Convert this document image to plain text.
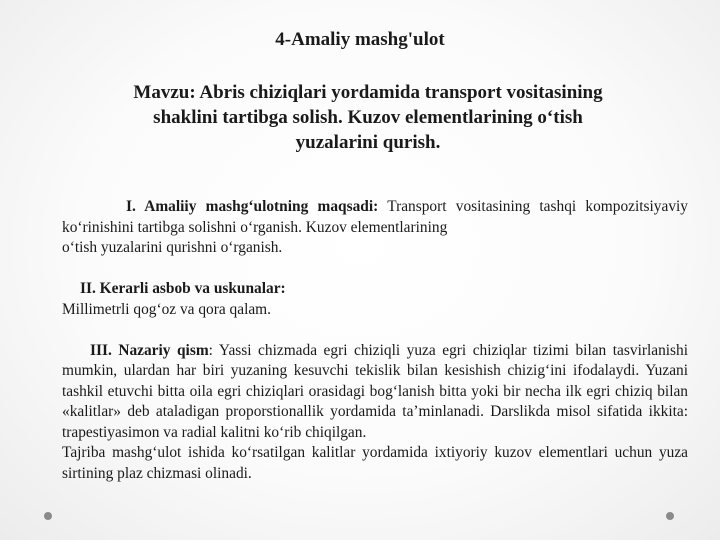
4-Amaliy mashg'ulot
Mavzu: Abris chiziqlari yordamida transport vositasining
shaklini tartibga solish. Kuzov elementlarining o‘tish
yuzalarini qurish.

I. Amaliiy mashg‘ulotning maqsadi: Transport vositasining tashqi kompozitsiyaviy ko‘rinishini tartibga solishni o‘rganish. Kuzov elementlarining
o‘tish yuzalarini qurishni o‘rganish.

II. Kerarli asbob va uskunalar:

Millimetrli qog‘oz va qora qalam.

III. Nazariy qism: Yassi chizmada egri chiziqli yuza egri chiziqlar tizimi bilan tasvirlanishi mumkin, ulardan har biri yuzaning kesuvchi tekislik bilan kesishish chizig‘ini ifodalaydi. Yuzani tashkil etuvchi bitta oila egri chiziqlari orasidagi bog‘lanish bitta yoki bir necha ilk egri chiziq bilan «kalitlar» deb ataladigan proporstionallik yordamida ta’minlanadi. Darslikda misol sifatida ikkita: trapestiyasimon va radial kalitni ko‘rib chiqilgan.

Tajriba mashg‘ulot ishida ko‘rsatilgan kalitlar yordamida ixtiyoriy kuzov elementlari uchun yuza sirtining plaz chizmasi olinadi.
